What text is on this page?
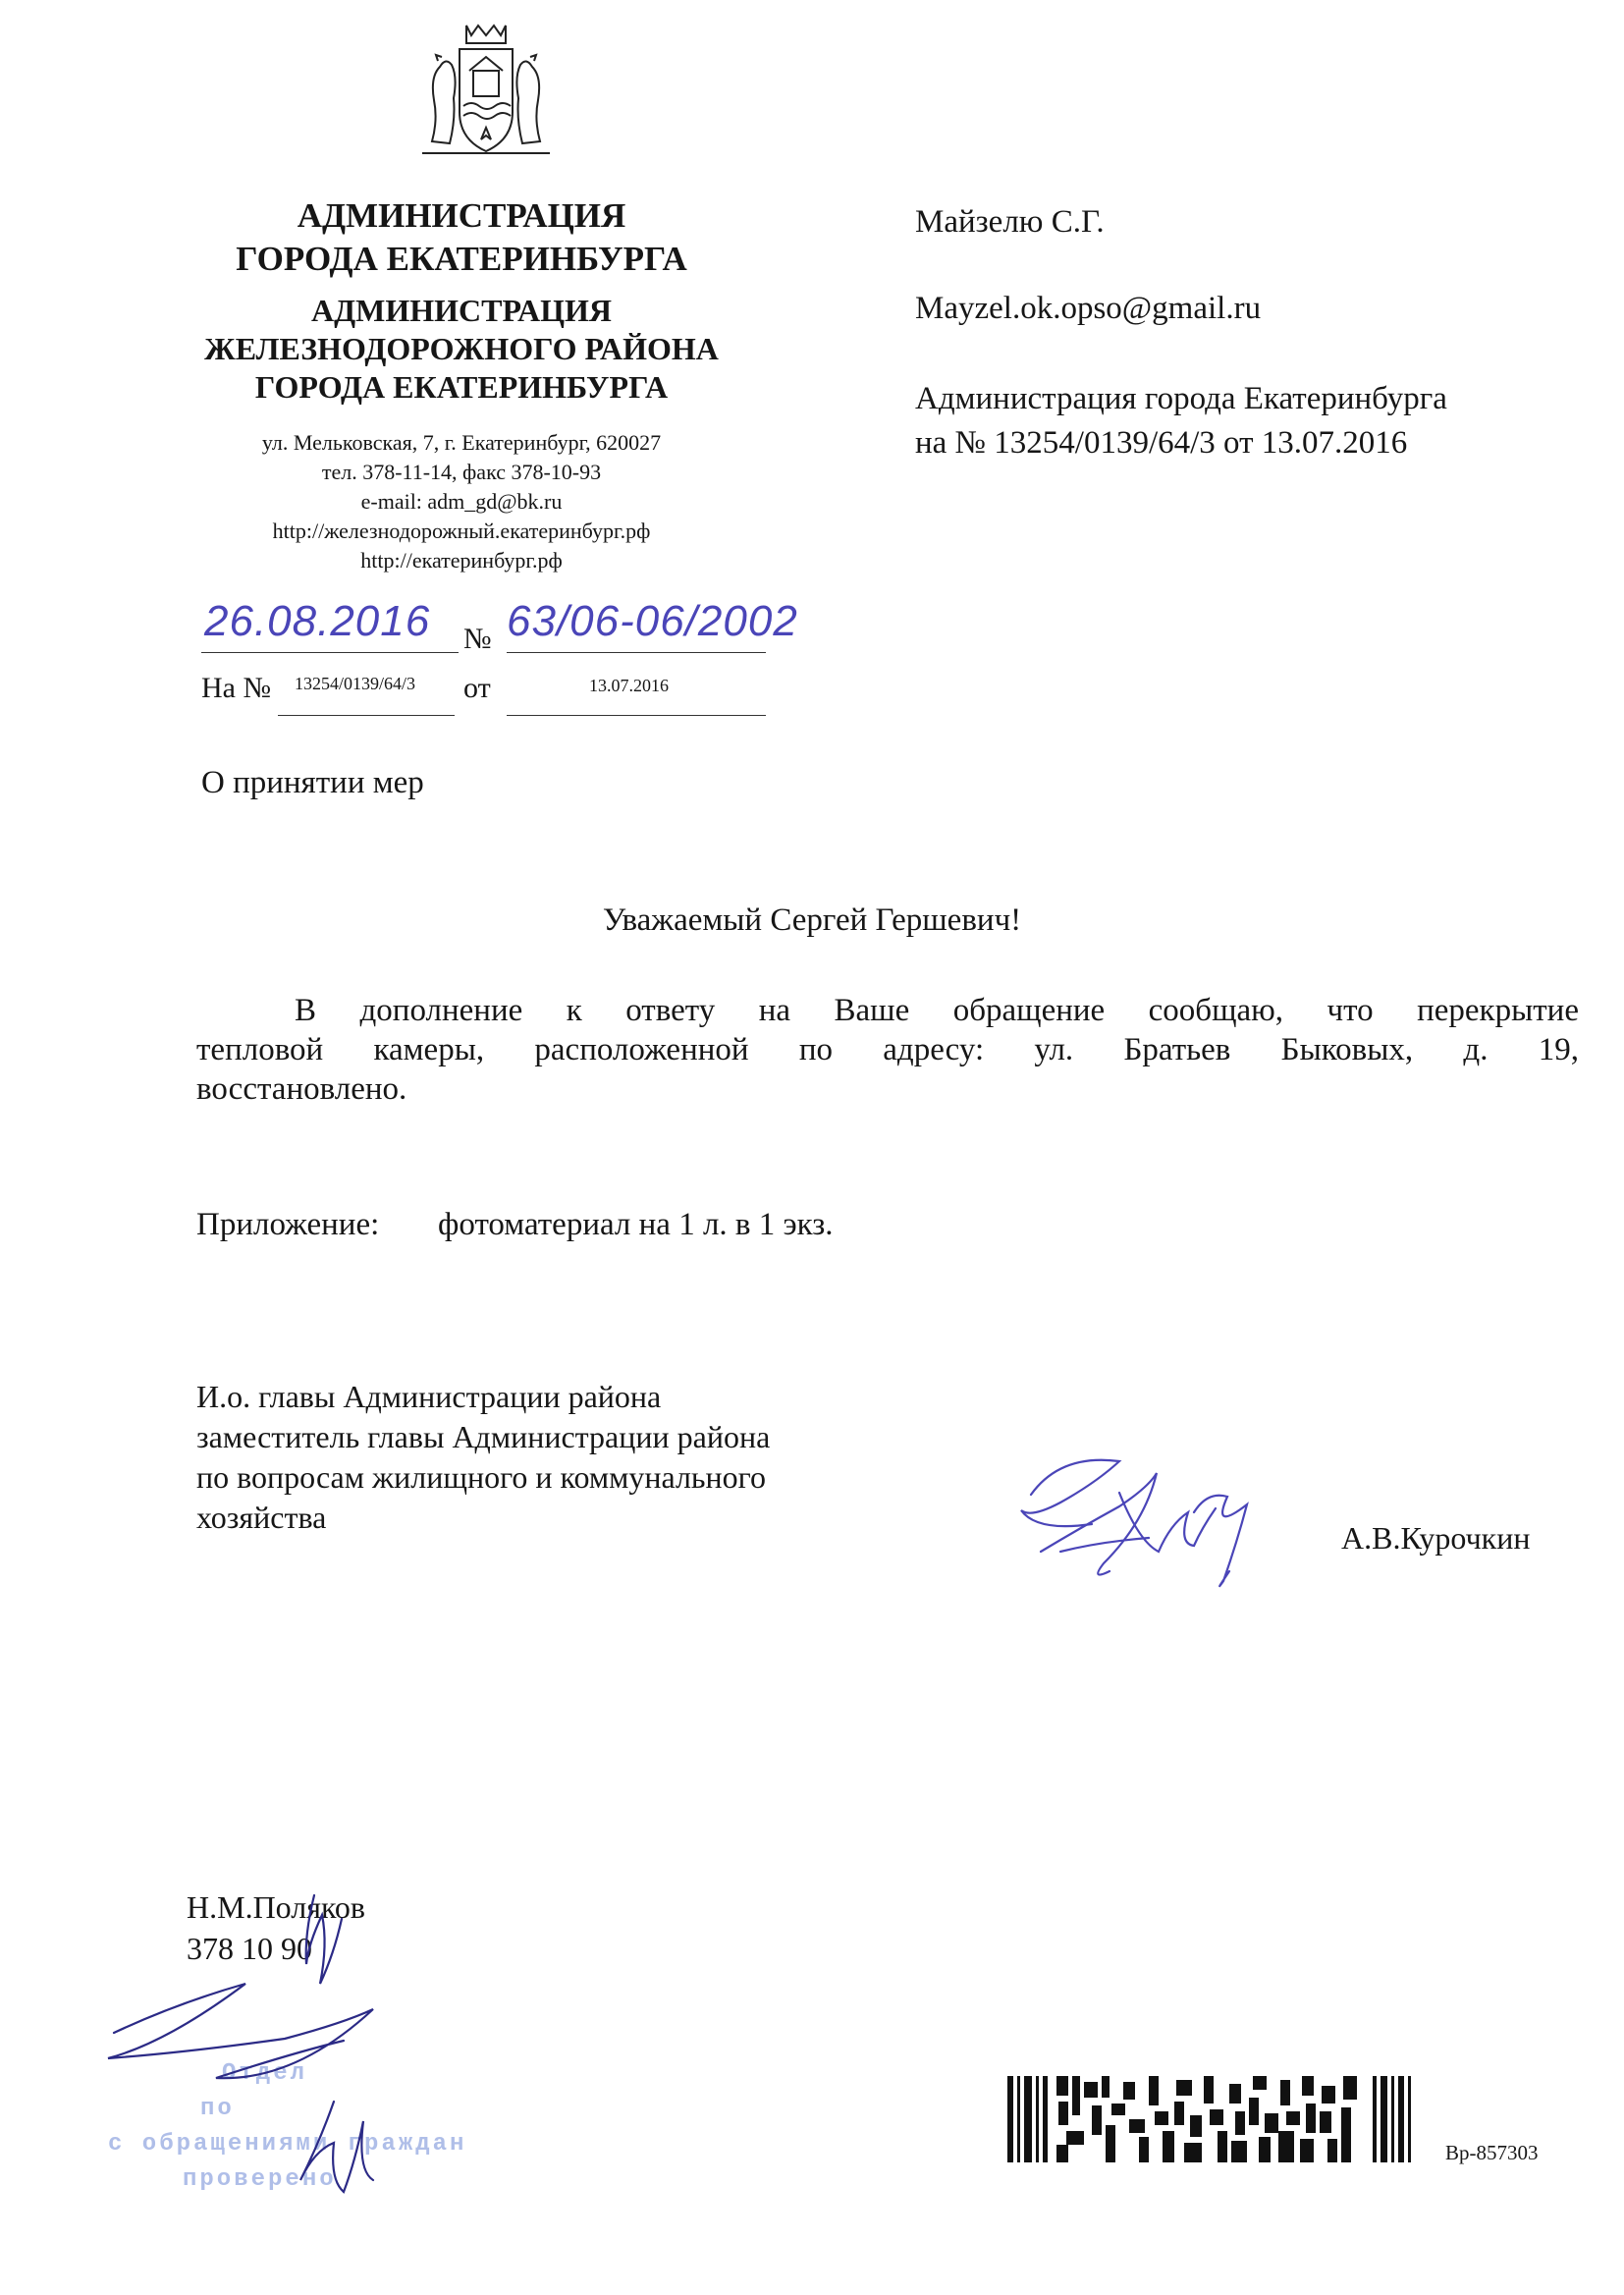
АДМИНИСТРАЦИЯ
ГОРОДА ЕКАТЕРИНБУРГА
АДМИНИСТРАЦИЯ
ЖЕЛЕЗНОДОРОЖНОГО РАЙОНА
ГОРОДА ЕКАТЕРИНБУРГА
ул. Мельковская, 7, г. Екатеринбург, 620027
тел. 378-11-14, факс 378-10-93
e-mail: adm_gd@bk.ru
http://железнодорожный.екатеринбург.рф
http://екатеринбург.рф
Майзелю С.Г.
Mayzel.ok.opso@gmail.ru
Администрация города Екатеринбурга
на № 13254/0139/64/3 от 13.07.2016
26.08.2016 № 63/06-06/2002
На № 13254/0139/64/3 от	13.07.2016
О принятии мер
Уважаемый Сергей Гершевич!
В дополнение к ответу на Ваше обращение сообщаю, что перекрытие
тепловой камеры, расположенной по адресу: ул. Братьев Быковых, д. 19,
восстановлено.
Приложение: фотоматериал на 1 л. в 1 экз.
И.о. главы Администрации района
заместитель главы Администрации района
по вопросам жилищного и коммунального
хозяйства
А.В.Курочкин
Н.М.Поляков
378 10 90
Отдел
по
с обращениями граждан
проверено
Вр-857303
